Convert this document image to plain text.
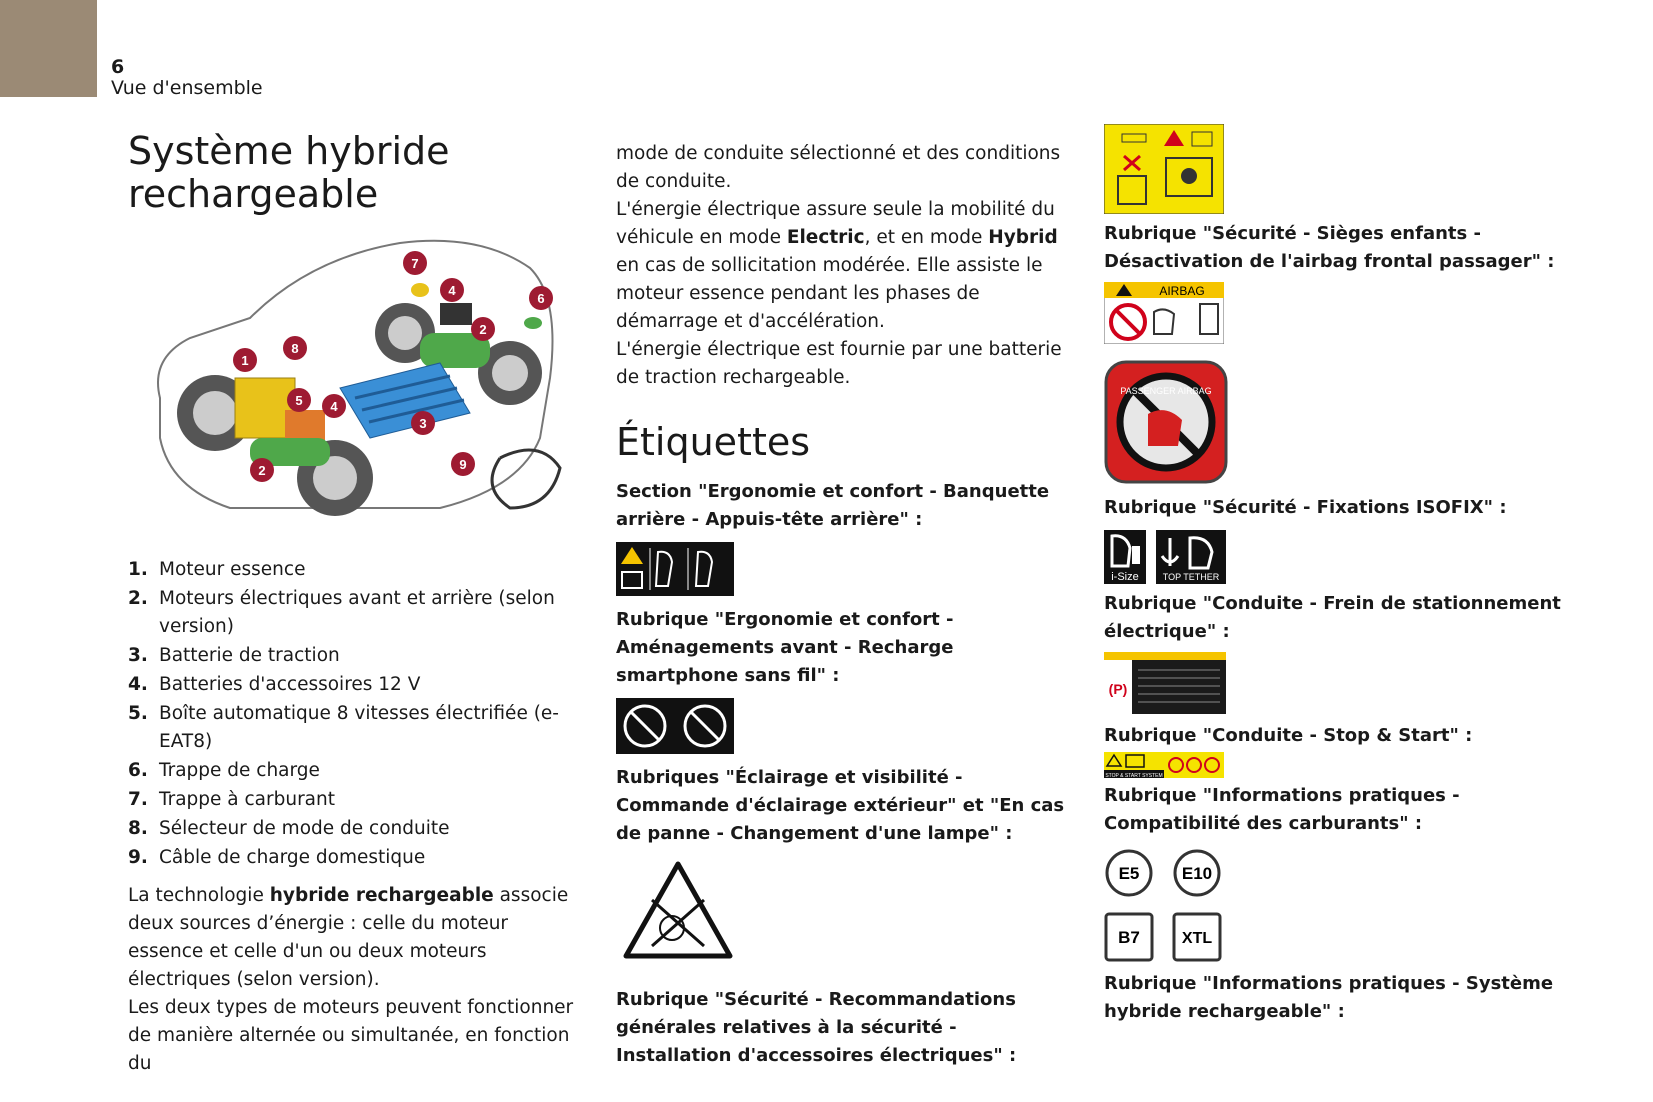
6
Vue d'ensemble
Système hybride rechargeable
1
2
2
3
4
4
5
6
7
8
9
1. Moteur essence
2. Moteurs électriques avant et arrière (selon version)
3. Batterie de traction
4. Batteries d'accessoires 12 V
5. Boîte automatique 8 vitesses électrifiée (e-EAT8)
6. Trappe de charge
7. Trappe à carburant
8. Sélecteur de mode de conduite
9. Câble de charge domestique

La technologie hybride rechargeable associe deux sources d’énergie : celle du moteur essence et celle d'un ou deux moteurs électriques (selon version).

Les deux types de moteurs peuvent fonctionner de manière alternée ou simultanée, en fonction du

mode de conduite sélectionné et des conditions de conduite.

L'énergie électrique assure seule la mobilité du véhicule en mode Electric, et en mode Hybrid en cas de sollicitation modérée. Elle assiste le moteur essence pendant les phases de démarrage et d'accélération.

L'énergie électrique est fournie par une batterie de traction rechargeable.

Étiquettes

Section "Ergonomie et confort - Banquette arrière - Appuis-tête arrière" :

Rubrique "Ergonomie et confort - Aménagements avant - Recharge smartphone sans fil" :

Rubriques "Éclairage et visibilité - Commande d'éclairage extérieur" et "En cas de panne - Changement d'une lampe" :

Rubrique "Sécurité - Recommandations générales relatives à la sécurité - Installation d'accessoires électriques" :

Rubrique "Sécurité - Sièges enfants - Désactivation de l'airbag frontal passager" :

AIRBAG
PASSENGER AIRBAG

Rubrique "Sécurité - Fixations ISOFIX" :

i-Size	TOP TETHER

Rubrique "Conduite - Frein de stationnement électrique" :

(P)

Rubrique "Conduite - Stop & Start" :

STOP & START SYSTEM

Rubrique "Informations pratiques - Compatibilité des carburants" :

E5 E10
B7	XTL

Rubrique "Informations pratiques - Système hybride rechargeable" :
